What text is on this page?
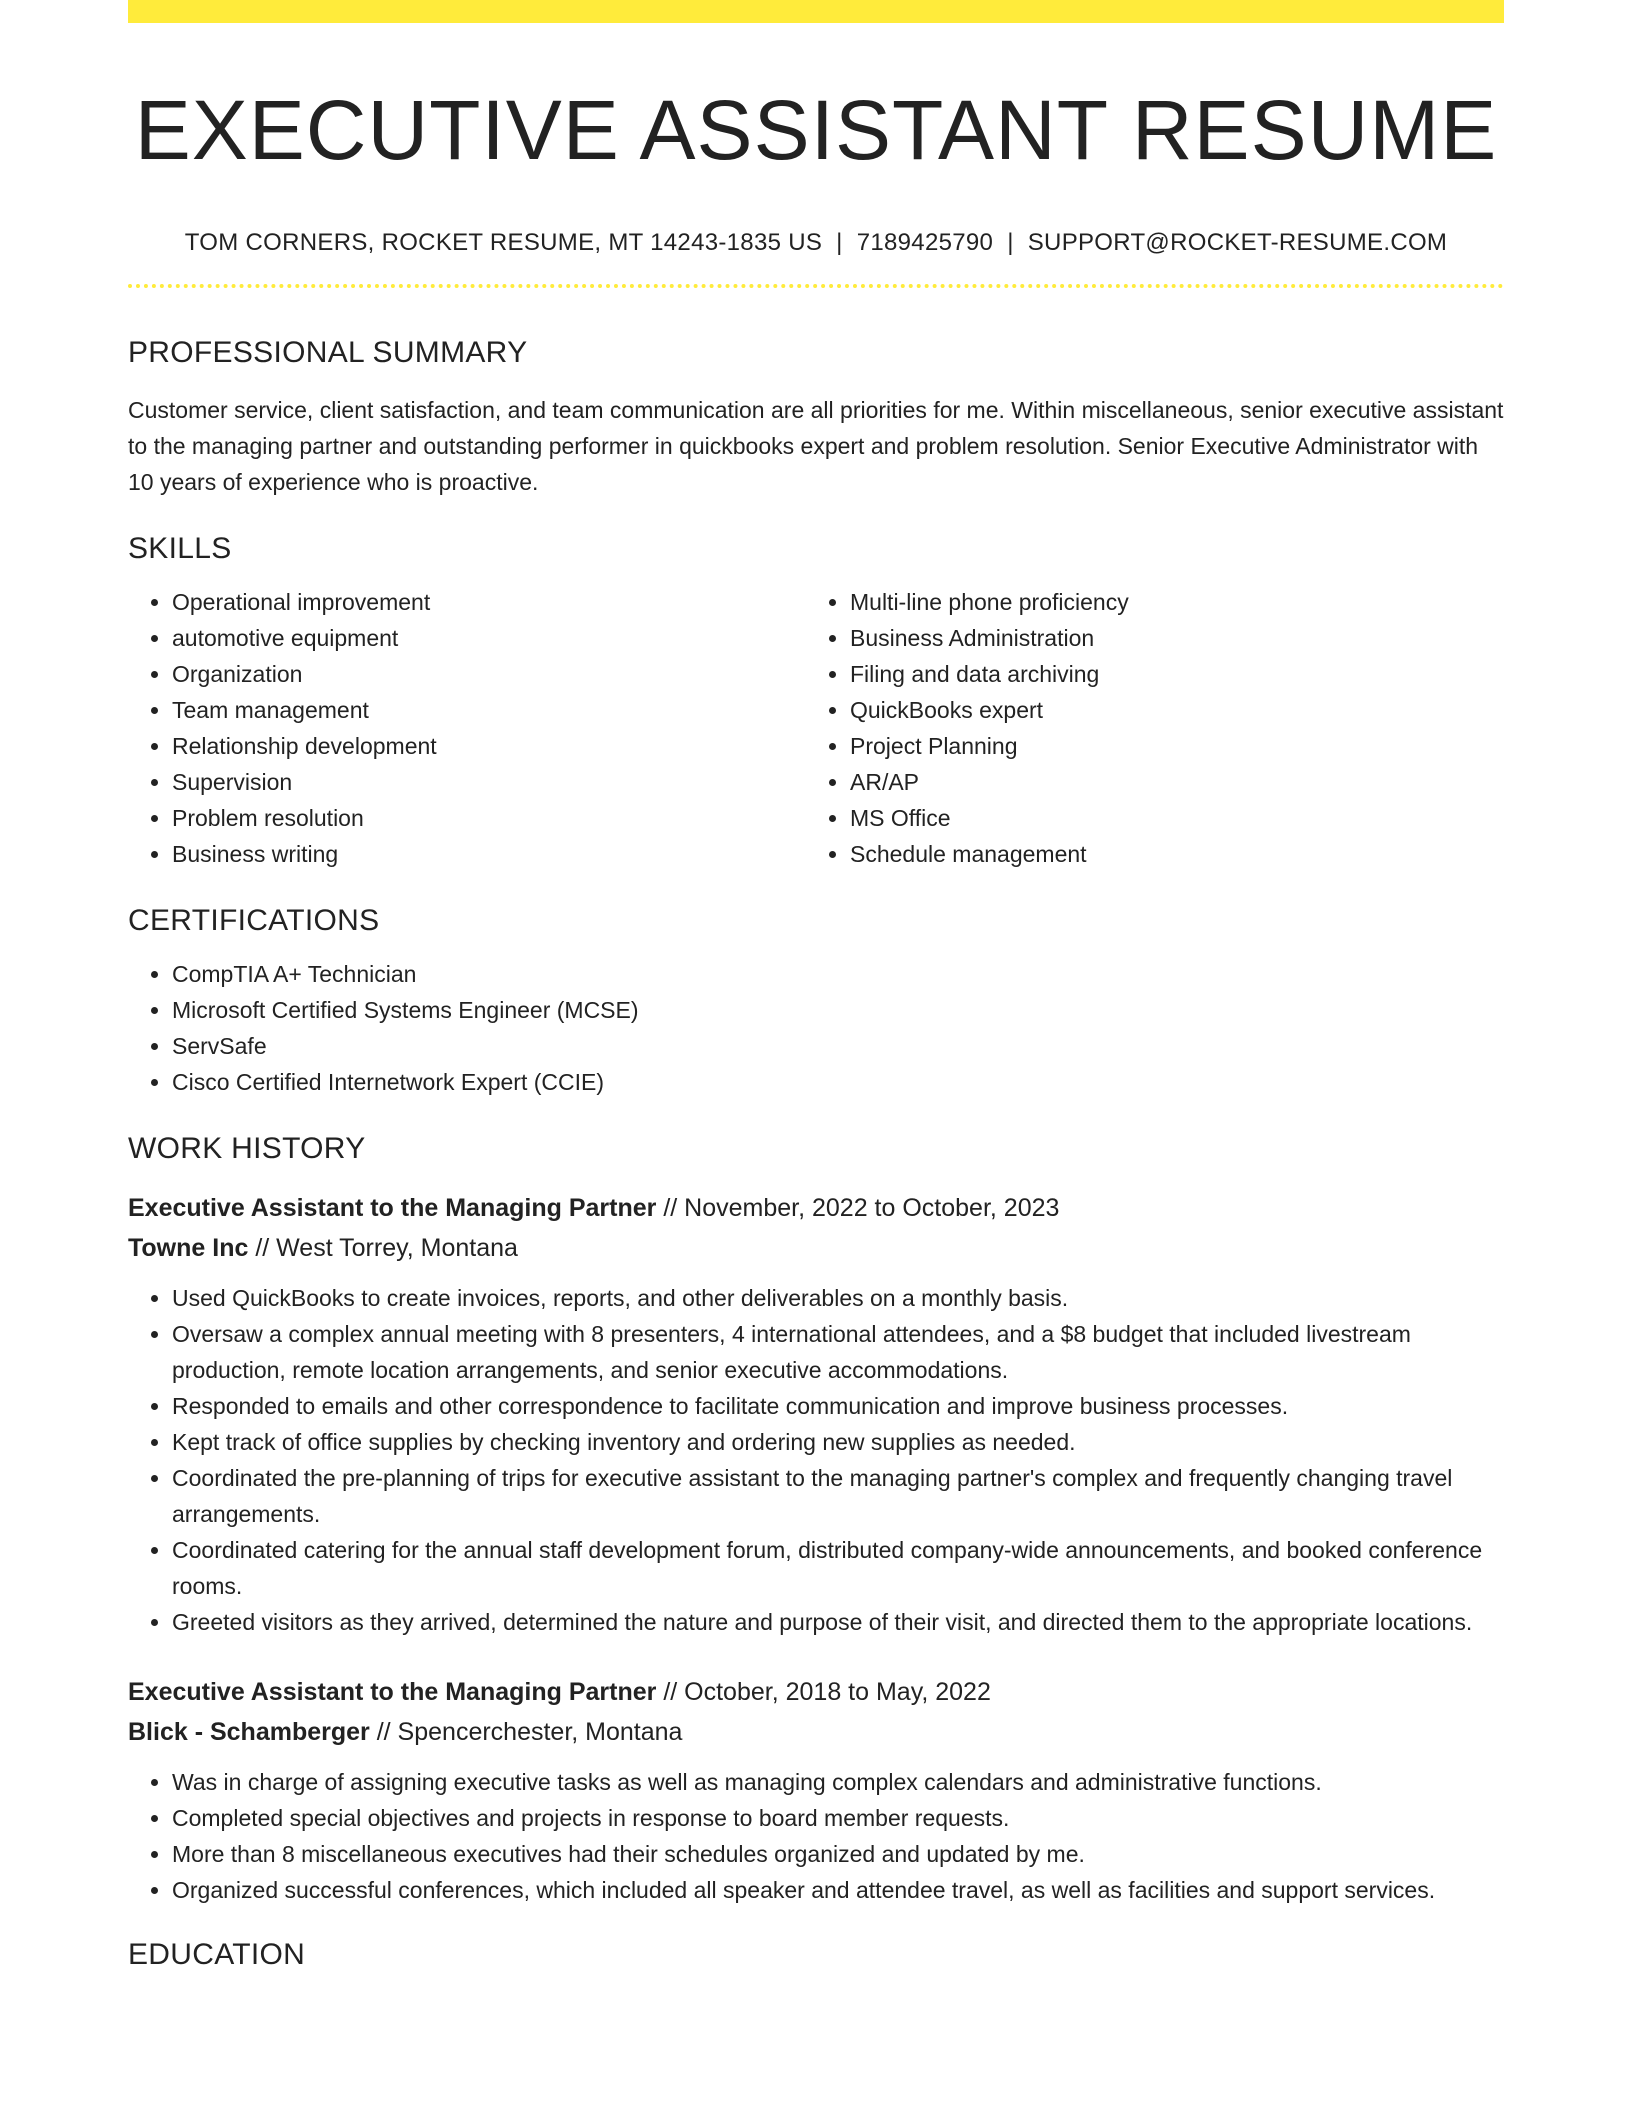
EXECUTIVE ASSISTANT RESUME
TOM CORNERS, ROCKET RESUME, MT 14243-1835 US | 7189425790 | SUPPORT@ROCKET-RESUME.COM
PROFESSIONAL SUMMARY

Customer service, client satisfaction, and team communication are all priorities for me. Within miscellaneous, senior executive assistant to the managing partner and outstanding performer in quickbooks expert and problem resolution. Senior Executive Administrator with 10 years of experience who is proactive.

SKILLS
• Operational improvement
• automotive equipment
• Organization
• Team management
• Relationship development
• Supervision
• Problem resolution
• Business writing
• Multi-line phone proficiency
• Business Administration
• Filing and data archiving
• QuickBooks expert
• Project Planning
• AR/AP
• MS Office
• Schedule management
CERTIFICATIONS
• CompTIA A+ Technician
• Microsoft Certified Systems Engineer (MCSE)
• ServSafe
• Cisco Certified Internetwork Expert (CCIE)
WORK HISTORY
Executive Assistant to the Managing Partner // November, 2022 to October, 2023
Towne Inc // West Torrey, Montana
• Used QuickBooks to create invoices, reports, and other deliverables on a monthly basis.
• Oversaw a complex annual meeting with 8 presenters, 4 international attendees, and a $8 budget that included livestream production, remote location arrangements, and senior executive accommodations.
• Responded to emails and other correspondence to facilitate communication and improve business processes.
• Kept track of office supplies by checking inventory and ordering new supplies as needed.
• Coordinated the pre-planning of trips for executive assistant to the managing partner's complex and frequently changing travel arrangements.
• Coordinated catering for the annual staff development forum, distributed company-wide announcements, and booked conference rooms.
• Greeted visitors as they arrived, determined the nature and purpose of their visit, and directed them to the appropriate locations.
Executive Assistant to the Managing Partner // October, 2018 to May, 2022
Blick - Schamberger // Spencerchester, Montana
• Was in charge of assigning executive tasks as well as managing complex calendars and administrative functions.
• Completed special objectives and projects in response to board member requests.
• More than 8 miscellaneous executives had their schedules organized and updated by me.
• Organized successful conferences, which included all speaker and attendee travel, as well as facilities and support services.
EDUCATION
